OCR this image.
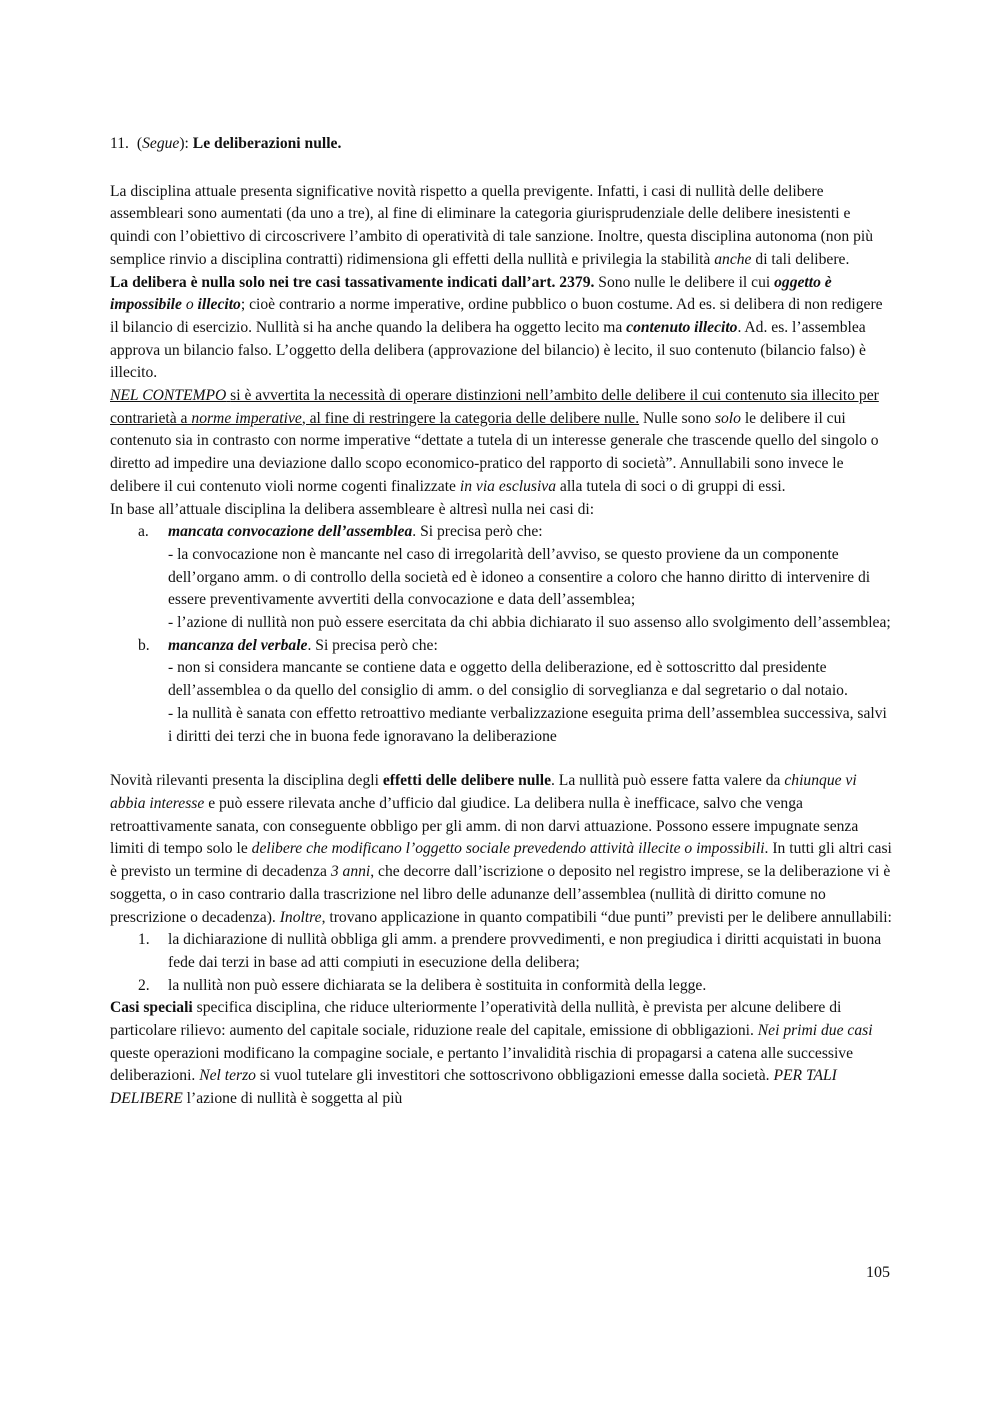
11. (Segue): Le deliberazioni nulle.

La disciplina attuale presenta significative novità rispetto a quella previgente. Infatti, i casi di nullità delle delibere assembleari sono aumentati (da uno a tre), al fine di eliminare la categoria giurisprudenziale delle delibere inesistenti e quindi con l’obiettivo di circoscrivere l’ambito di operatività di tale sanzione. Inoltre, questa disciplina autonoma (non più semplice rinvio a disciplina contratti) ridimensiona gli effetti della nullità e privilegia la stabilità anche di tali delibere.

La delibera è nulla solo nei tre casi tassativamente indicati dall’art. 2379. Sono nulle le delibere il cui oggetto è impossibile o illecito; cioè contrario a norme imperative, ordine pubblico o buon costume. Ad es. si delibera di non redigere il bilancio di esercizio. Nullità si ha anche quando la delibera ha oggetto lecito ma contenuto illecito. Ad. es. l’assemblea approva un bilancio falso. L’oggetto della delibera (approvazione del bilancio) è lecito, il suo contenuto (bilancio falso) è illecito.

NEL CONTEMPO si è avvertita la necessità di operare distinzioni nell’ambito delle delibere il cui contenuto sia illecito per contrarietà a norme imperative, al fine di restringere la categoria delle delibere nulle. Nulle sono solo le delibere il cui contenuto sia in contrasto con norme imperative “dettate a tutela di un interesse generale che trascende quello del singolo o diretto ad impedire una deviazione dallo scopo economico-pratico del rapporto di società”. Annullabili sono invece le delibere il cui contenuto violi norme cogenti finalizzate in via esclusiva alla tutela di soci o di gruppi di essi.

In base all’attuale disciplina la delibera assembleare è altresì nulla nei casi di:

a. mancata convocazione dell’assemblea. Si precisa però che:

- la convocazione non è mancante nel caso di irregolarità dell’avviso, se questo proviene da un componente dell’organo amm. o di controllo della società ed è idoneo a consentire a coloro che hanno diritto di intervenire di essere preventivamente avvertiti della convocazione e data dell’assemblea;

- l’azione di nullità non può essere esercitata da chi abbia dichiarato il suo assenso allo svolgimento dell’assemblea;

b. mancanza del verbale. Si precisa però che:

- non si considera mancante se contiene data e oggetto della deliberazione, ed è sottoscritto dal presidente dell’assemblea o da quello del consiglio di amm. o del consiglio di sorveglianza e dal segretario o dal notaio.

- la nullità è sanata con effetto retroattivo mediante verbalizzazione eseguita prima dell’assemblea successiva, salvi i diritti dei terzi che in buona fede ignoravano la deliberazione

Novità rilevanti presenta la disciplina degli effetti delle delibere nulle. La nullità può essere fatta valere da chiunque vi abbia interesse e può essere rilevata anche d’ufficio dal giudice. La delibera nulla è inefficace, salvo che venga retroattivamente sanata, con conseguente obbligo per gli amm. di non darvi attuazione. Possono essere impugnate senza limiti di tempo solo le delibere che modificano l’oggetto sociale prevedendo attività illecite o impossibili. In tutti gli altri casi è previsto un termine di decadenza 3 anni, che decorre dall’iscrizione o deposito nel registro imprese, se la deliberazione vi è soggetta, o in caso contrario dalla trascrizione nel libro delle adunanze dell’assemblea (nullità di diritto comune no prescrizione o decadenza). Inoltre, trovano applicazione in quanto compatibili “due punti” previsti per le delibere annullabili:

1. la dichiarazione di nullità obbliga gli amm. a prendere provvedimenti, e non pregiudica i diritti acquistati in buona fede dai terzi in base ad atti compiuti in esecuzione della delibera;
2. la nullità non può essere dichiarata se la delibera è sostituita in conformità della legge.

Casi speciali specifica disciplina, che riduce ulteriormente l’operatività della nullità, è prevista per alcune delibere di particolare rilievo: aumento del capitale sociale, riduzione reale del capitale, emissione di obbligazioni. Nei primi due casi queste operazioni modificano la compagine sociale, e pertanto l’invalidità rischia di propagarsi a catena alle successive deliberazioni. Nel terzo si vuol tutelare gli investitori che sottoscrivono obbligazioni emesse dalla società. PER TALI DELIBERE l’azione di nullità è soggetta al più

105
